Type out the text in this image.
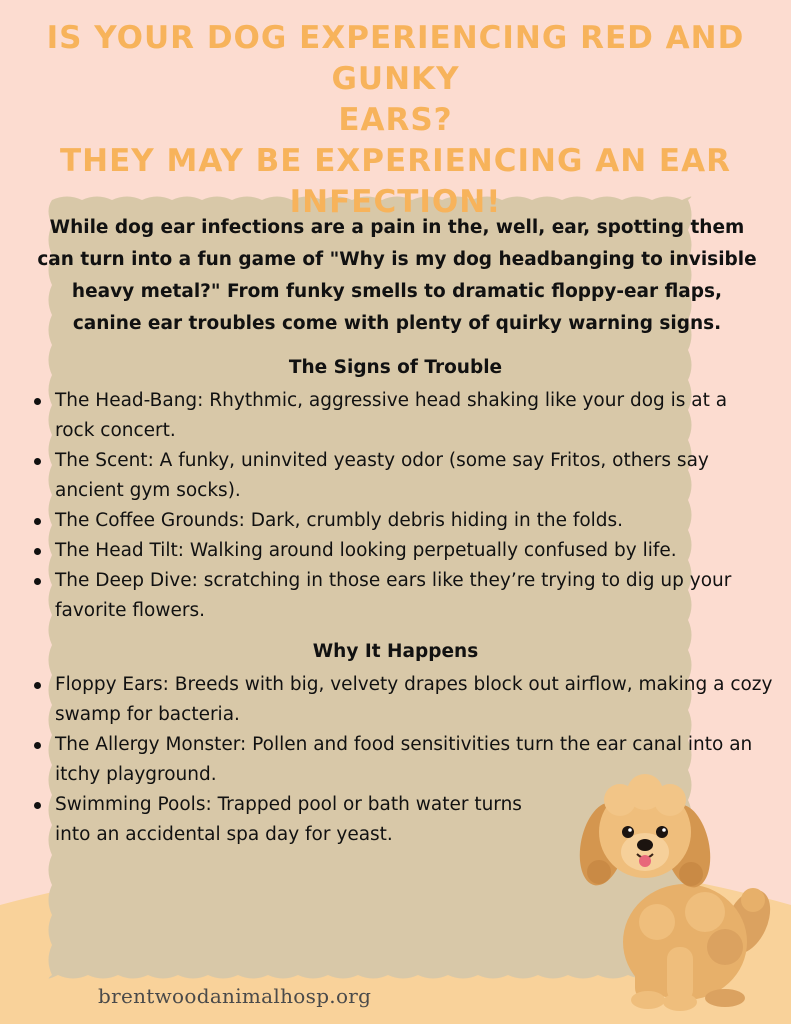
IS YOUR DOG EXPERIENCING RED AND GUNKY
EARS?
THEY MAY BE EXPERIENCING AN EAR
INFECTION!
While dog ear infections are a pain in the, well, ear, spotting them can turn into a fun game of "Why is my dog headbanging to invisible heavy metal?" From funky smells to dramatic floppy-ear flaps, canine ear troubles come with plenty of quirky warning signs.
The Signs of Trouble
The Head-Bang: Rhythmic, aggressive head shaking like your dog is at a rock concert.
The Scent: A funky, uninvited yeasty odor (some say Fritos, others say ancient gym socks).
The Coffee Grounds: Dark, crumbly debris hiding in the folds.
The Head Tilt: Walking around looking perpetually confused by life.
The Deep Dive: scratching in those ears like they’re trying to dig up your favorite flowers.
Why It Happens
Floppy Ears: Breeds with big, velvety drapes block out airflow, making a cozy swamp for bacteria.
The Allergy Monster: Pollen and food sensitivities turn the ear canal into an itchy playground.
Swimming Pools: Trapped pool or bath water turns into an accidental spa day for yeast.
brentwoodanimalhosp.org
